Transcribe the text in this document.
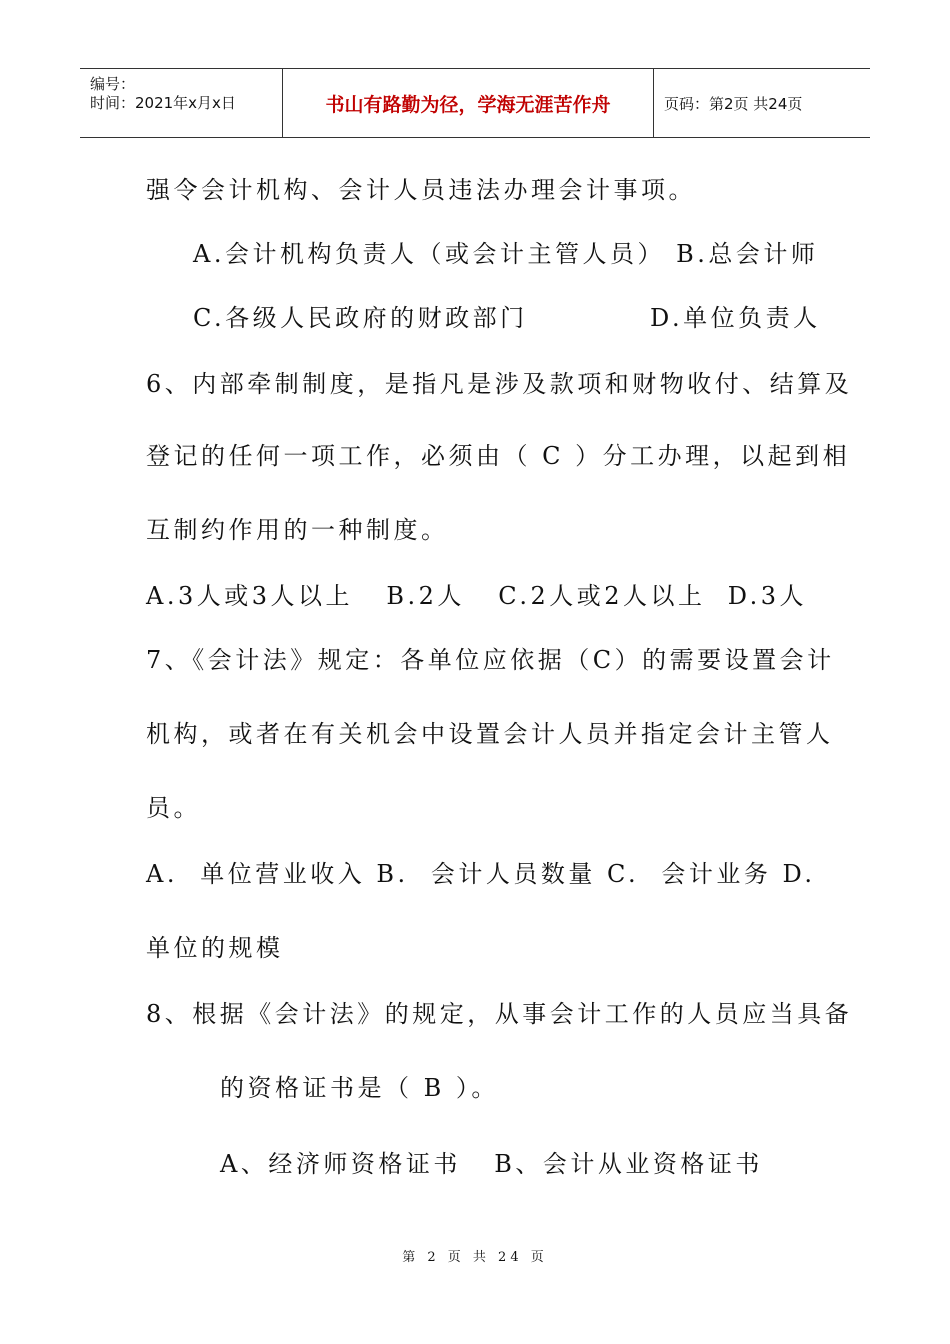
编号：
时间：2021年x月x日	书山有路勤为径，学海无涯苦作舟	页码：第2页 共24页
强令会计机构、会计人员违法办理会计事项。
A.会计机构负责人（或会计主管人员） B.总会计师
C.各级人民政府的财政部门           D.单位负责人
6、内部牵制制度，是指凡是涉及款项和财物收付、结算及
登记的任何一项工作，必须由（ C ）分工办理，以起到相
互制约作用的一种制度。
A.3人或3人以上   B.2人   C.2人或2人以上  D.3人
7、《会计法》规定：各单位应依据（C）的需要设置会计
机构，或者在有关机会中设置会计人员并指定会计主管人
员。
A.  单位营业收入 B.  会计人员数量 C.  会计业务 D.
单位的规模
8、根据《会计法》的规定，从事会计工作的人员应当具备
的资格证书是（ B ）。
A、经济师资格证书   B、会计从业资格证书
第 2 页 共 24 页
